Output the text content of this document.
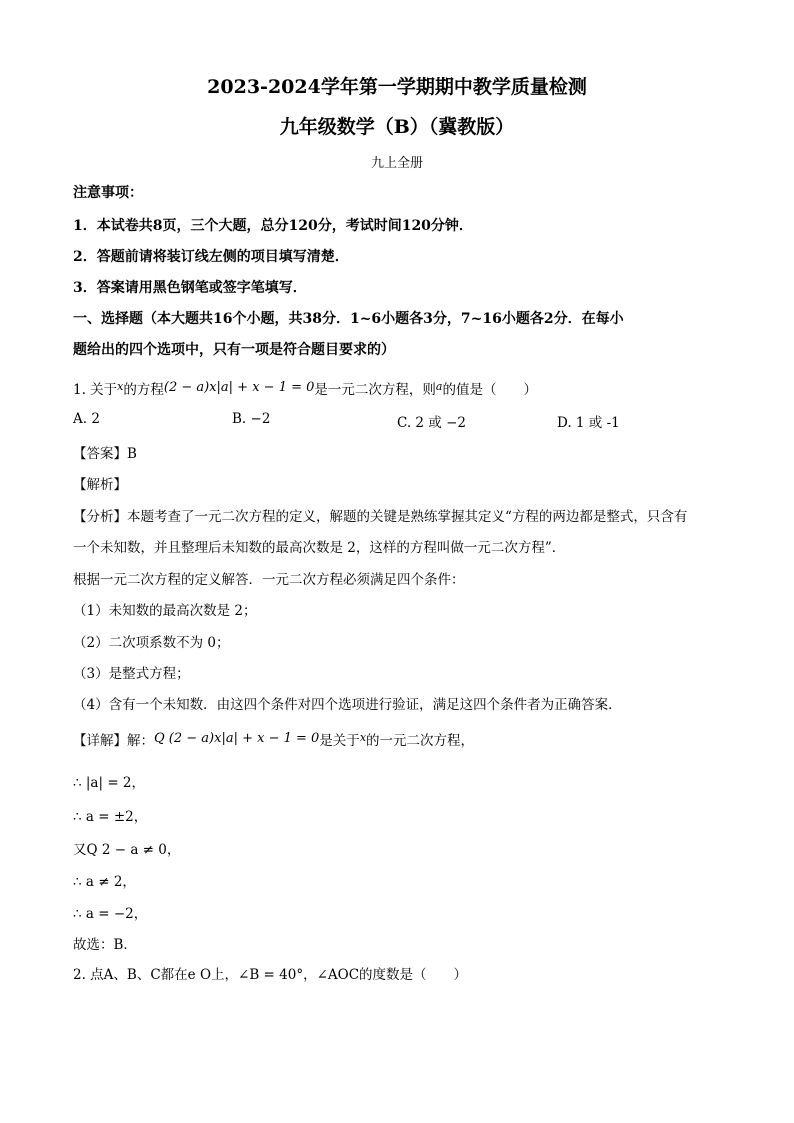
2023-2024学年第一学期期中教学质量检测
九年级数学（B）（冀教版）
九上全册
注意事项：
1．本试卷共8页，三个大题，总分120分，考试时间120分钟．
2．答题前请将装订线左侧的项目填写清楚．
3．答案请用黑色钢笔或签字笔填写．
一、选择题（本大题共16个小题，共38分．1~6小题各3分，7~16小题各2分．在每小
题给出的四个选项中，只有一项是符合题目要求的）
1. 关于$^x$的方程(2 − a)x|a| + x − 1 = 0是一元二次方程，则$^a$的值是（　　）
A. 2	B. −2	C. 2 或 −2	D. 1 或 -1
【答案】B
【解析】
【分析】本题考查了一元二次方程的定义，解题的关键是熟练掌握其定义“方程的两边都是整式，只含有
一个未知数，并且整理后未知数的最高次数是 2，这样的方程叫做一元二次方程”．
根据一元二次方程的定义解答．一元二次方程必须满足四个条件：
（1）未知数的最高次数是 2；
（2）二次项系数不为 0；
（3）是整式方程；
（4）含有一个未知数．由这四个条件对四个选项进行验证，满足这四个条件者为正确答案．
【详解】解：Q (2 − a)x|a| + x − 1 = 0是关于$^x$的一元二次方程，
∴ |a| = 2，
∴ a = ±2，
又Q 2 − a ≠ 0，
∴ a ≠ 2，
∴ a = −2，
故选：B．
2. 点A、B、C都在e O上，∠B = 40°，∠AOC的度数是（　　）
